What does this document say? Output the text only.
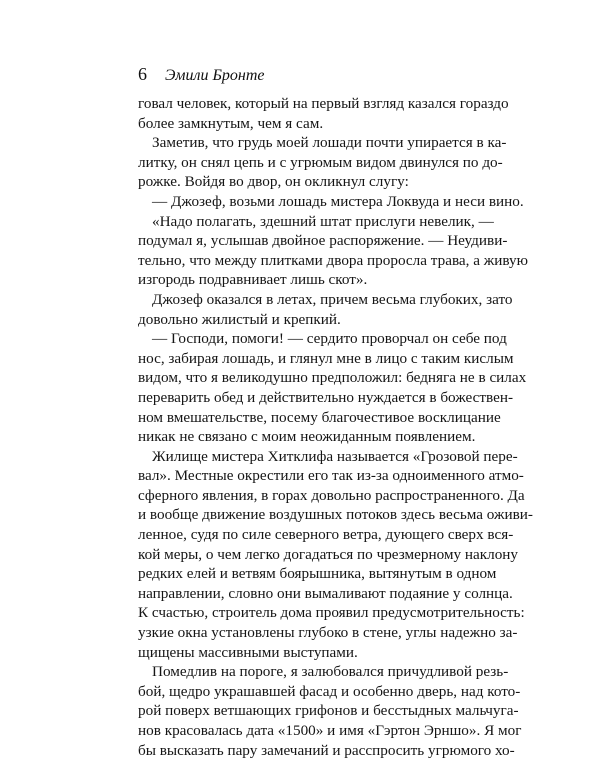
6 Эмили Бронте
говал человек, который на первый взгляд казался гораздо
более замкнутым, чем я сам.
Заметив, что грудь моей лошади почти упирается в ка-
литку, он снял цепь и с угрюмым видом двинулся по до-
рожке. Войдя во двор, он окликнул слугу:
— Джозеф, возьми лошадь мистера Локвуда и неси вино.
«Надо полагать, здешний штат прислуги невелик, —
подумал я, услышав двойное распоряжение. — Неудиви-
тельно, что между плитками двора проросла трава, а живую
изгородь подравнивает лишь скот».
Джозеф оказался в летах, причем весьма глубоких, зато
довольно жилистый и крепкий.
— Господи, помоги! — сердито проворчал он себе под
нос, забирая лошадь, и глянул мне в лицо с таким кислым
видом, что я великодушно предположил: бедняга не в силах
переварить обед и действительно нуждается в божествен-
ном вмешательстве, посему благочестивое восклицание
никак не связано с моим неожиданным появлением.
Жилище мистера Хитклифа называется «Грозовой пере-
вал». Местные окрестили его так из-за одноименного атмо-
сферного явления, в горах довольно распространенного. Да
и вообще движение воздушных потоков здесь весьма оживи-
ленное, судя по силе северного ветра, дующего сверх вся-
кой меры, о чем легко догадаться по чрезмерному наклону
редких елей и ветвям боярышника, вытянутым в одном
направлении, словно они вымаливают подаяние у солнца.
К счастью, строитель дома проявил предусмотрительность:
узкие окна установлены глубоко в стене, углы надежно за-
щищены массивными выступами.
Помедлив на пороге, я залюбовался причудливой резь-
бой, щедро украшавшей фасад и особенно дверь, над кото-
рой поверх ветшающих грифонов и бесстыдных мальчуга-
нов красовалась дата «1500» и имя «Гэртон Эрншо». Я мог
бы высказать пару замечаний и расспросить угрюмого хо-
